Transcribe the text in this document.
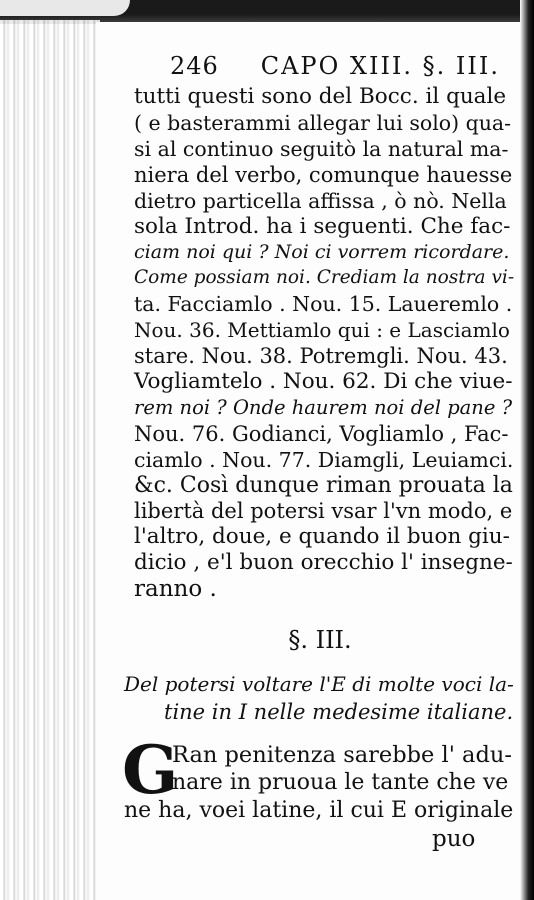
246 CAPO XIII. §. III.
tutti questi sono del Bocc. il quale
( e basterammi allegar lui solo) qua-
si al continuo seguitò la natural ma-
niera del verbo, comunque hauesse
dietro particella affissa , ò nò. Nella
sola Introd. ha i seguenti. Che fac-
ciam noi qui ? Noi ci vorrem ricordare.
Come possiam noi. Crediam la nostra vi-
ta. Facciamlo . Nou. 15. Laueremlo .
Nou. 36. Mettiamlo qui : e Lasciamlo
stare. Nou. 38. Potremgli. Nou. 43.
Vogliamtelo . Nou. 62. Di che viue-
rem noi ? Onde haurem noi del pane ?
Nou. 76. Godianci, Vogliamlo , Fac-
ciamlo . Nou. 77. Diamgli, Leuiamci.
&c. Così dunque riman prouata la
libertà del potersi vsar l'vn modo, e
l'altro, doue, e quando il buon giu-
dicio , e'l buon orecchio l' insegne-
ranno .
§. III.
Del potersi voltare l'E di molte voci la-
tine in I nelle medesime italiane.
G
Ran penitenza sarebbe l' adu-
nare in pruoua le tante che ve
ne ha, voei latine, il cui E originale
puo
